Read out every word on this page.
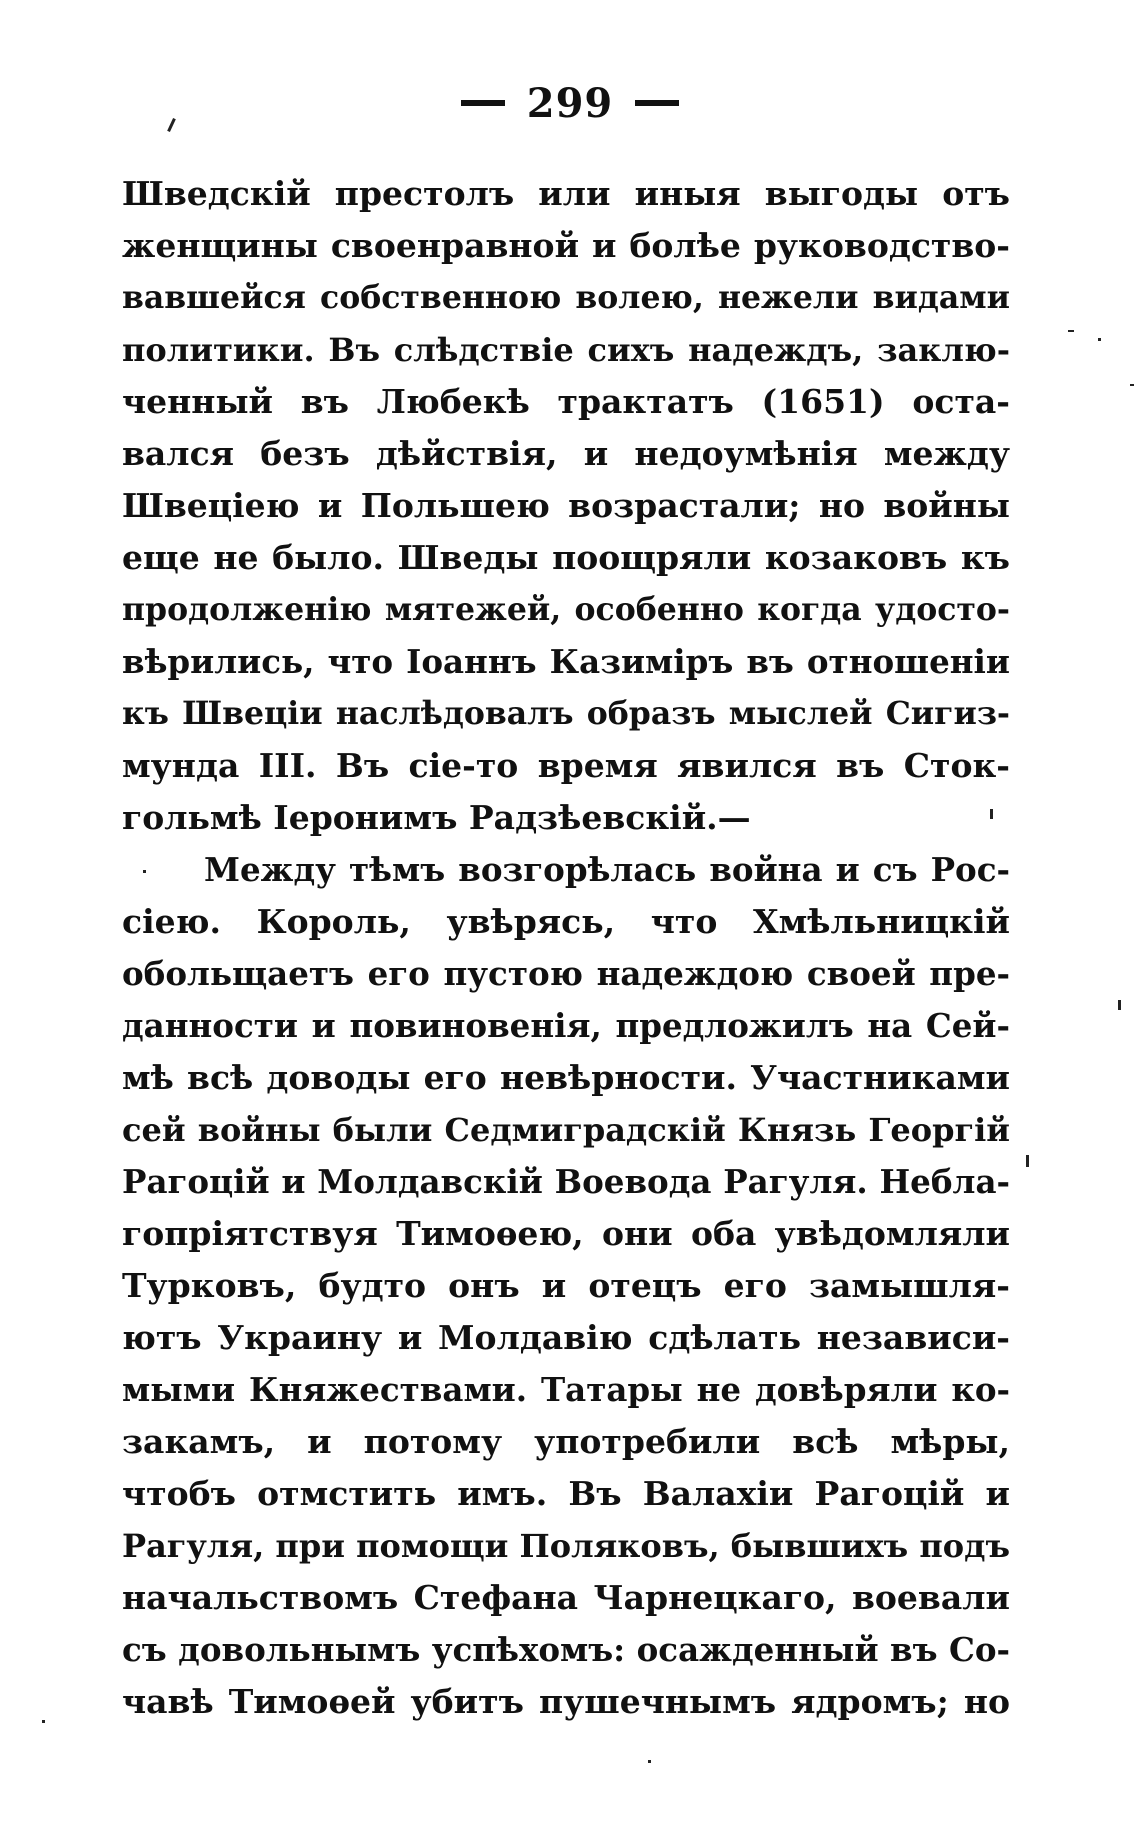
299
Шведскій престолъ или иныя выгоды отъ
женщины своенравной и болѣе руководство-
вавшейся собственною волею, нежели видами
политики. Въ слѣдствіе сихъ надеждъ, заклю-
ченный въ Любекѣ трактатъ (1651) остa-
вался безъ дѣйствія, и недоумѣнія между
Швеціею и Польшею возрастали; но войны
еще не было. Шведы поощряли козаковъ къ
продолженію мятежей, особенно когда удосто-
вѣрились, что Іоаннъ Казиміръ въ отношеніи
къ Швеціи наслѣдовалъ образъ мыслей Сигиз-
мунда III. Въ сіе-то время явился въ Стoк-
гольмѣ Іеронимъ Радзѣевскій.—
Между тѣмъ возгорѣлась война и съ Рос-
сіею. Король, увѣрясь, что Хмѣльницкій
обольщаетъ его пустою надеждою своей пре-
данности и повиновенія, предложилъ на Сей-
мѣ всѣ доводы его невѣрности. Участниками
сей войны были Седмиградскій Князь Георгій
Рагоцій и Молдавскій Воевода Рагуля. Небла-
гопріятствуя Тимоѳею, они оба увѣдомляли
Турковъ, будто онъ и отецъ его замышля-
ютъ Украину и Молдавію сдѣлать независи-
мыми Княжествами. Татары не довѣряли ко-
закамъ, и потому употребили всѣ мѣры,
чтобъ отмстить имъ. Въ Валахіи Рагоцій и
Рагуля, при помощи Поляковъ, бывшихъ подъ
начальствомъ Стефана Чарнецкаго, воевали
съ довольнымъ успѣхомъ: осажденный въ Со-
чавѣ Тимоѳей убитъ пушечнымъ ядромъ; но
